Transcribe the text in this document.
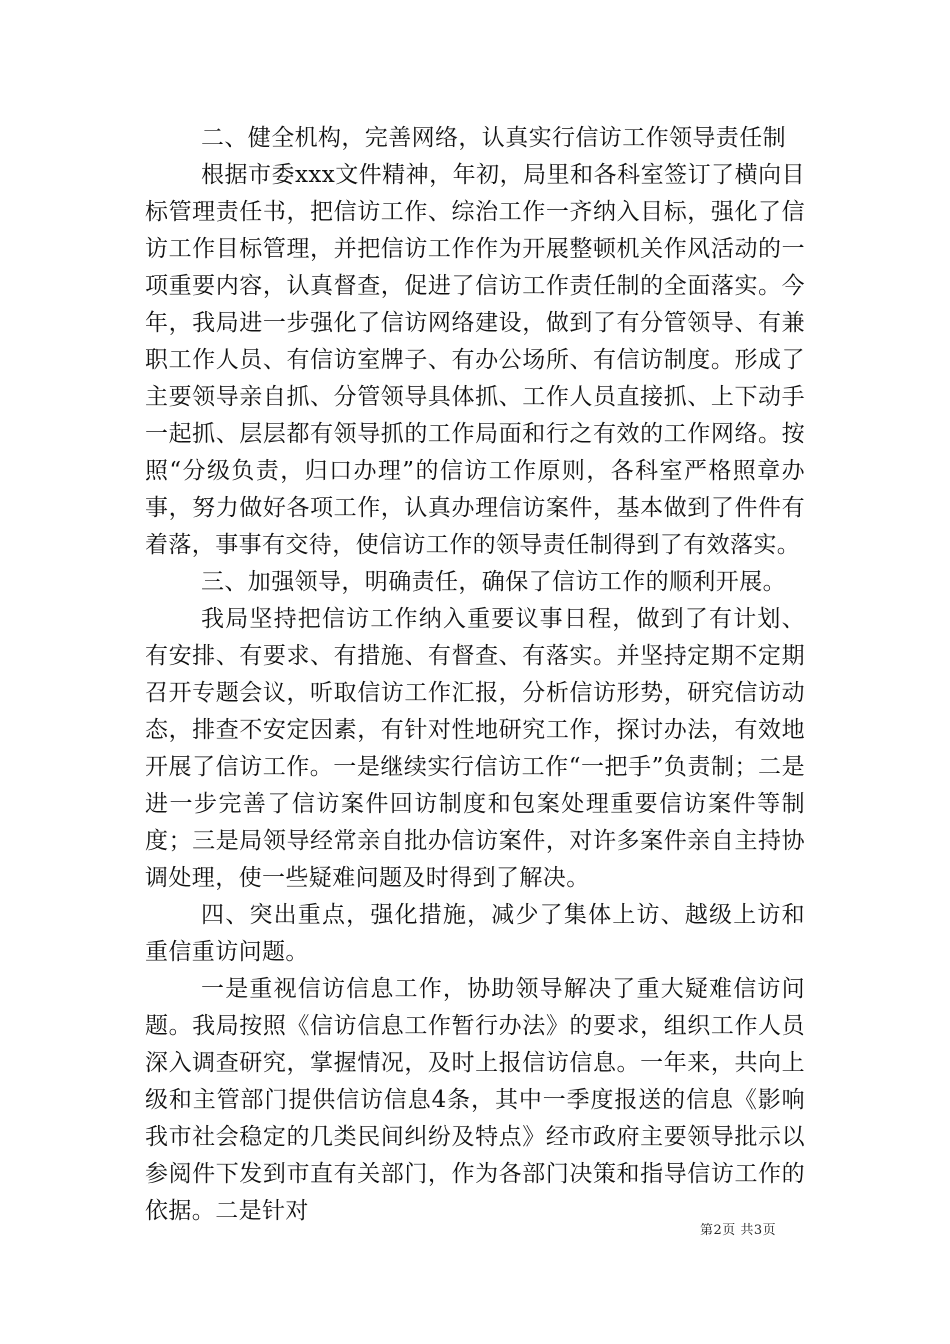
二、健全机构，完善网络，认真实行信访工作领导责任制

根据市委xxx文件精神，年初，局里和各科室签订了横向目标管理责任书，把信访工作、综治工作一齐纳入目标，强化了信访工作目标管理，并把信访工作作为开展整顿机关作风活动的一项重要内容，认真督查，促进了信访工作责任制的全面落实。今年，我局进一步强化了信访网络建设，做到了有分管领导、有兼职工作人员、有信访室牌子、有办公场所、有信访制度。形成了主要领导亲自抓、分管领导具体抓、工作人员直接抓、上下动手一起抓、层层都有领导抓的工作局面和行之有效的工作网络。按照“分级负责，归口办理”的信访工作原则，各科室严格照章办事，努力做好各项工作，认真办理信访案件，基本做到了件件有着落，事事有交待，使信访工作的领导责任制得到了有效落实。

三、加强领导，明确责任，确保了信访工作的顺利开展。

我局坚持把信访工作纳入重要议事日程，做到了有计划、有安排、有要求、有措施、有督查、有落实。并坚持定期不定期召开专题会议，听取信访工作汇报，分析信访形势，研究信访动态，排查不安定因素，有针对性地研究工作，探讨办法，有效地开展了信访工作。一是继续实行信访工作“一把手”负责制；二是进一步完善了信访案件回访制度和包案处理重要信访案件等制度；三是局领导经常亲自批办信访案件，对许多案件亲自主持协调处理，使一些疑难问题及时得到了解决。

四、突出重点，强化措施，减少了集体上访、越级上访和重信重访问题。

一是重视信访信息工作，协助领导解决了重大疑难信访问题。我局按照《信访信息工作暂行办法》的要求，组织工作人员深入调查研究，掌握情况，及时上报信访信息。一年来，共向上级和主管部门提供信访信息4条，其中一季度报送的信息《影响我市社会稳定的几类民间纠纷及特点》经市政府主要领导批示以参阅件下发到市直有关部门，作为各部门决策和指导信访工作的依据。二是针对

第2页 共3页
